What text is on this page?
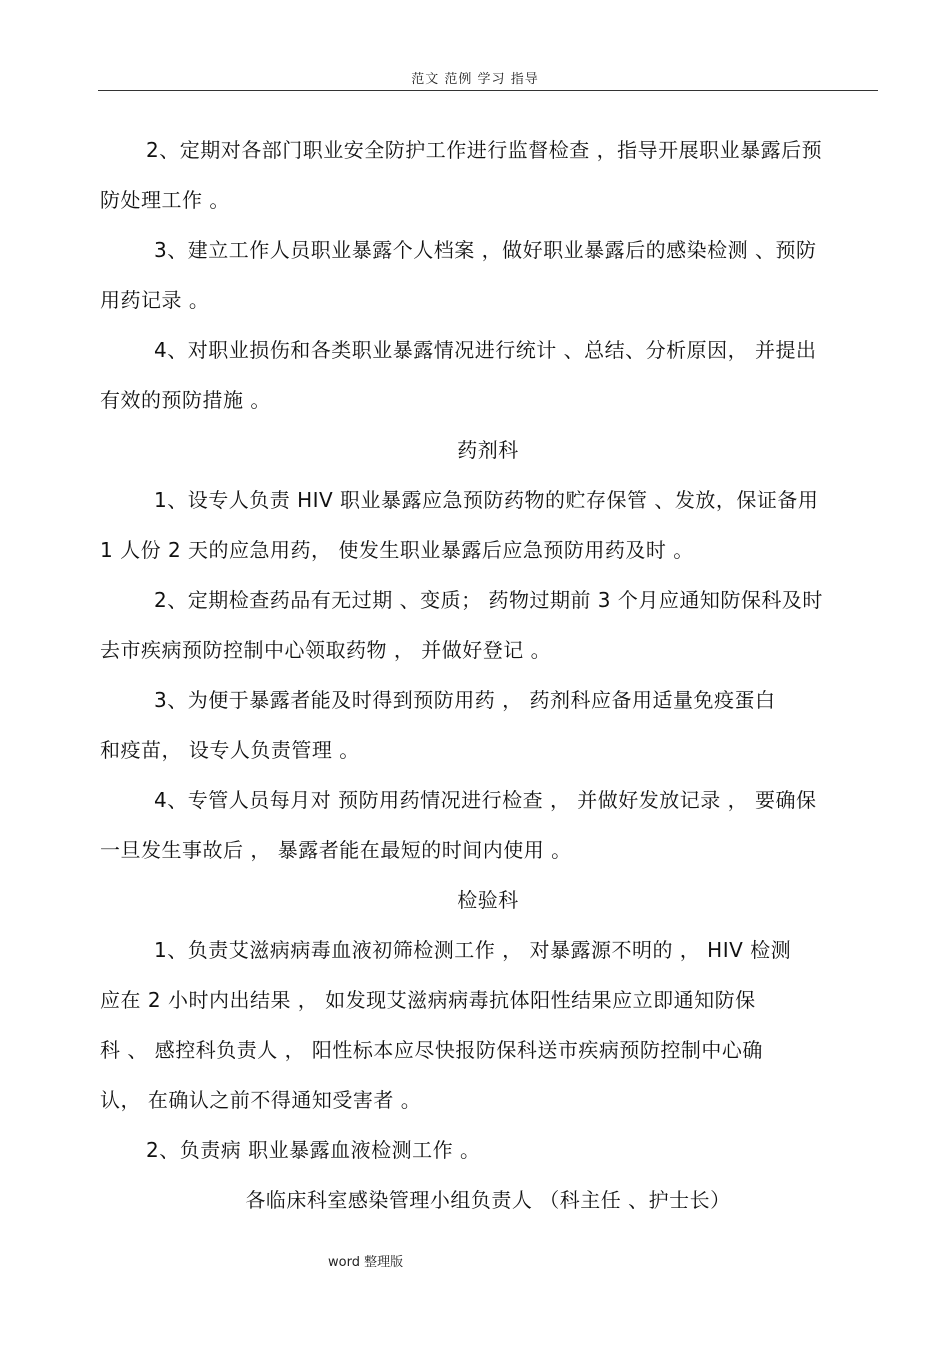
范文 范例 学习 指导
2、定期对各部门职业安全防护工作进行监督检查 ，指导开展职业暴露后预
防处理工作 。
3、建立工作人员职业暴露个人档案 ，做好职业暴露后的感染检测 、预防
用药记录 。
4、对职业损伤和各类职业暴露情况进行统计 、总结、分析原因， 并提出
有效的预防措施 。
药剂科
1、设专人负责 HIV 职业暴露应急预防药物的贮存保管 、发放，保证备用
1 人份 2 天的应急用药， 使发生职业暴露后应急预防用药及时 。
2、定期检查药品有无过期 、变质； 药物过期前 3 个月应通知防保科及时
去市疾病预防控制中心领取药物 ， 并做好登记 。
3、为便于暴露者能及时得到预防用药 ， 药剂科应备用适量免疫蛋白
和疫苗， 设专人负责管理 。
4、专管人员每月对 预防用药情况进行检查 ， 并做好发放记录 ， 要确保
一旦发生事故后 ， 暴露者能在最短的时间内使用 。
检验科
1、负责艾滋病病毒血液初筛检测工作 ， 对暴露源不明的 ， HIV 检测
应在 2 小时内出结果 ， 如发现艾滋病病毒抗体阳性结果应立即通知防保
科 、 感控科负责人 ， 阳性标本应尽快报防保科送市疾病预防控制中心确
认， 在确认之前不得通知受害者 。
2、负责病 职业暴露血液检测工作 。
各临床科室感染管理小组负责人 （科主任 、护士长）
word 整理版
